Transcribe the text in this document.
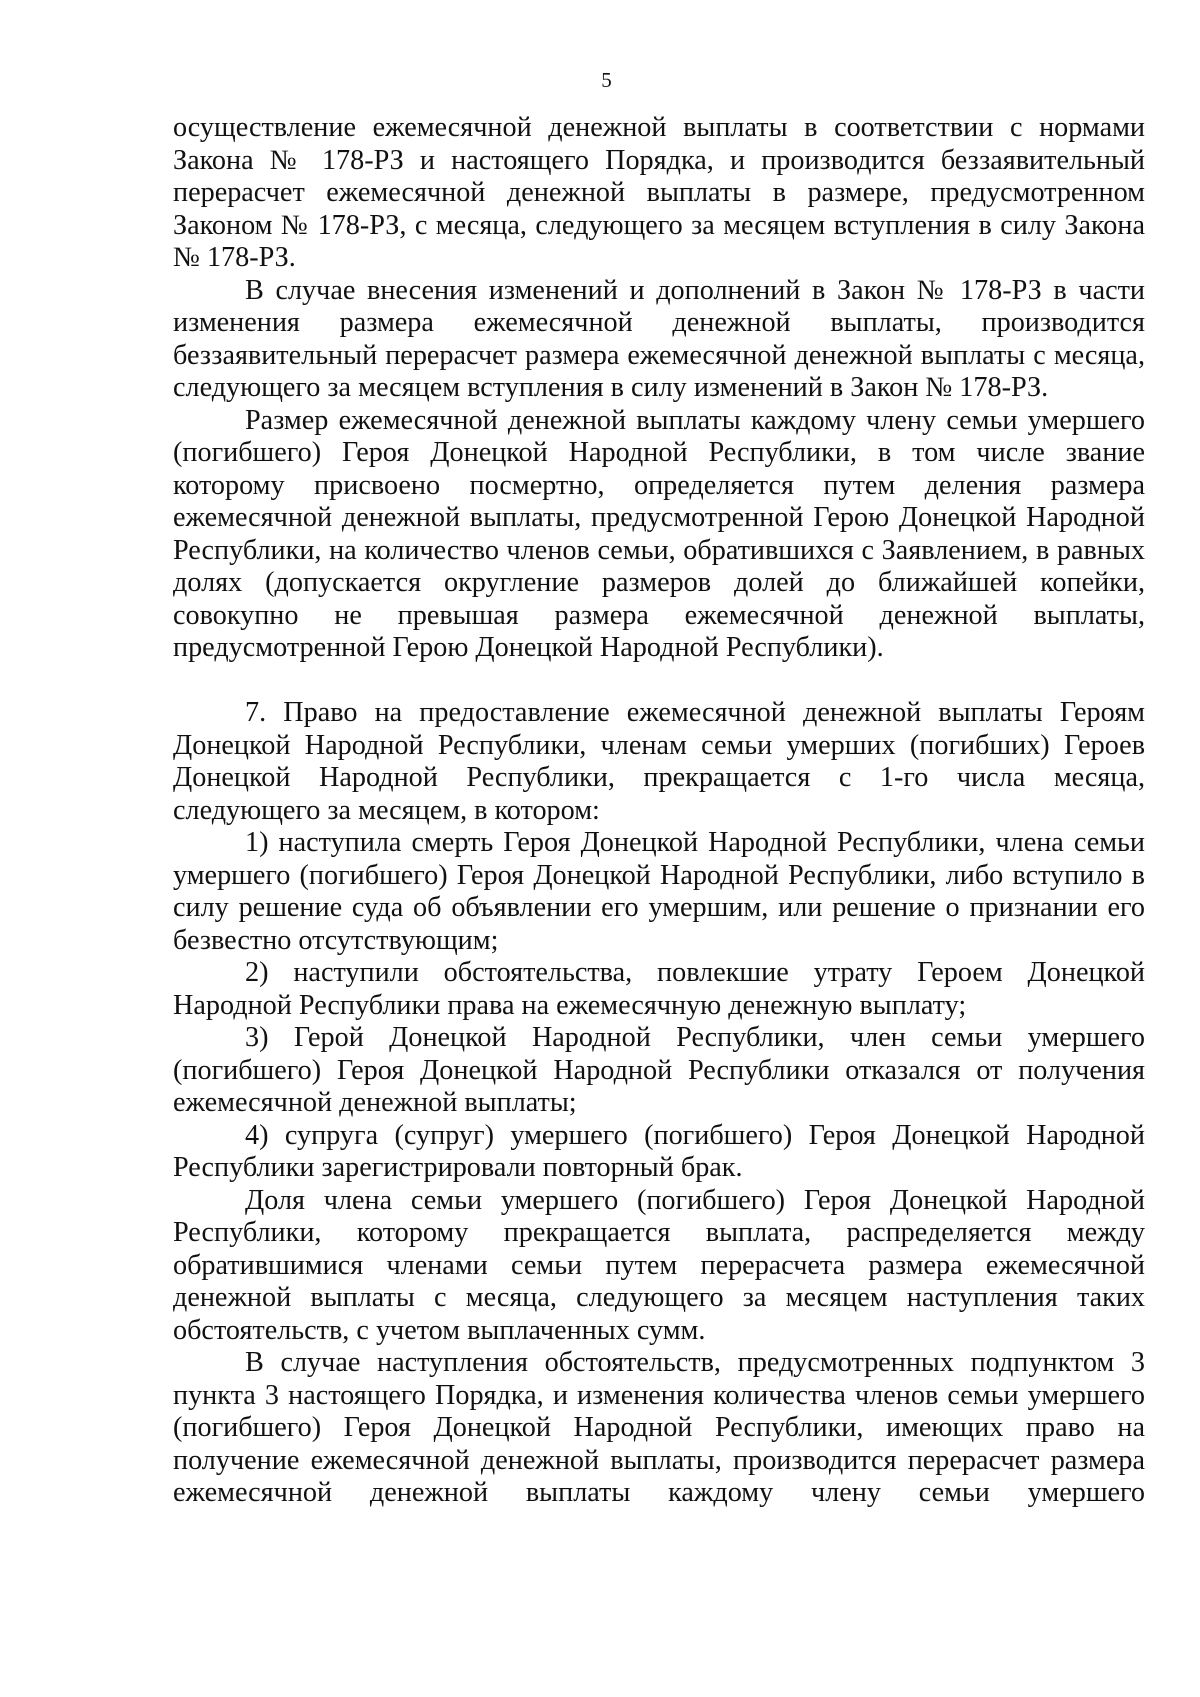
5

осуществление ежемесячной денежной выплаты в соответствии с нормами Закона № 178-РЗ и настоящего Порядка, и производится беззаявительный перерасчет ежемесячной денежной выплаты в размере, предусмотренном Законом № 178-РЗ, с месяца, следующего за месяцем вступления в силу Закона № 178-РЗ.

В случае внесения изменений и дополнений в Закон № 178-РЗ в части изменения размера ежемесячной денежной выплаты, производится беззаявительный перерасчет размера ежемесячной денежной выплаты с месяца, следующего за месяцем вступления в силу изменений в Закон № 178-РЗ.

Размер ежемесячной денежной выплаты каждому члену семьи умершего (погибшего) Героя Донецкой Народной Республики, в том числе звание которому присвоено посмертно, определяется путем деления размера ежемесячной денежной выплаты, предусмотренной Герою Донецкой Народной Республики, на количество членов семьи, обратившихся с Заявлением, в равных долях (допускается округление размеров долей до ближайшей копейки, совокупно не превышая размера ежемесячной денежной выплаты, предусмотренной Герою Донецкой Народной Республики).

7. Право на предоставление ежемесячной денежной выплаты Героям Донецкой Народной Республики, членам семьи умерших (погибших) Героев Донецкой Народной Республики, прекращается с 1-го числа месяца, следующего за месяцем, в котором:

1) наступила смерть Героя Донецкой Народной Республики, члена семьи умершего (погибшего) Героя Донецкой Народной Республики, либо вступило в силу решение суда об объявлении его умершим, или решение о признании его безвестно отсутствующим;

2) наступили обстоятельства, повлекшие утрату Героем Донецкой Народной Республики права на ежемесячную денежную выплату;

3) Герой Донецкой Народной Республики, член семьи умершего (погибшего) Героя Донецкой Народной Республики отказался от получения ежемесячной денежной выплаты;

4) супруга (супруг) умершего (погибшего) Героя Донецкой Народной Республики зарегистрировали повторный брак.

Доля члена семьи умершего (погибшего) Героя Донецкой Народной Республики, которому прекращается выплата, распределяется между обратившимися членами семьи путем перерасчета размера ежемесячной денежной выплаты с месяца, следующего за месяцем наступления таких обстоятельств, с учетом выплаченных сумм.

В случае наступления обстоятельств, предусмотренных подпунктом 3 пункта 3 настоящего Порядка, и изменения количества членов семьи умершего (погибшего) Героя Донецкой Народной Республики, имеющих право на получение ежемесячной денежной выплаты, производится перерасчет размера ежемесячной денежной выплаты каждому члену семьи умершего
